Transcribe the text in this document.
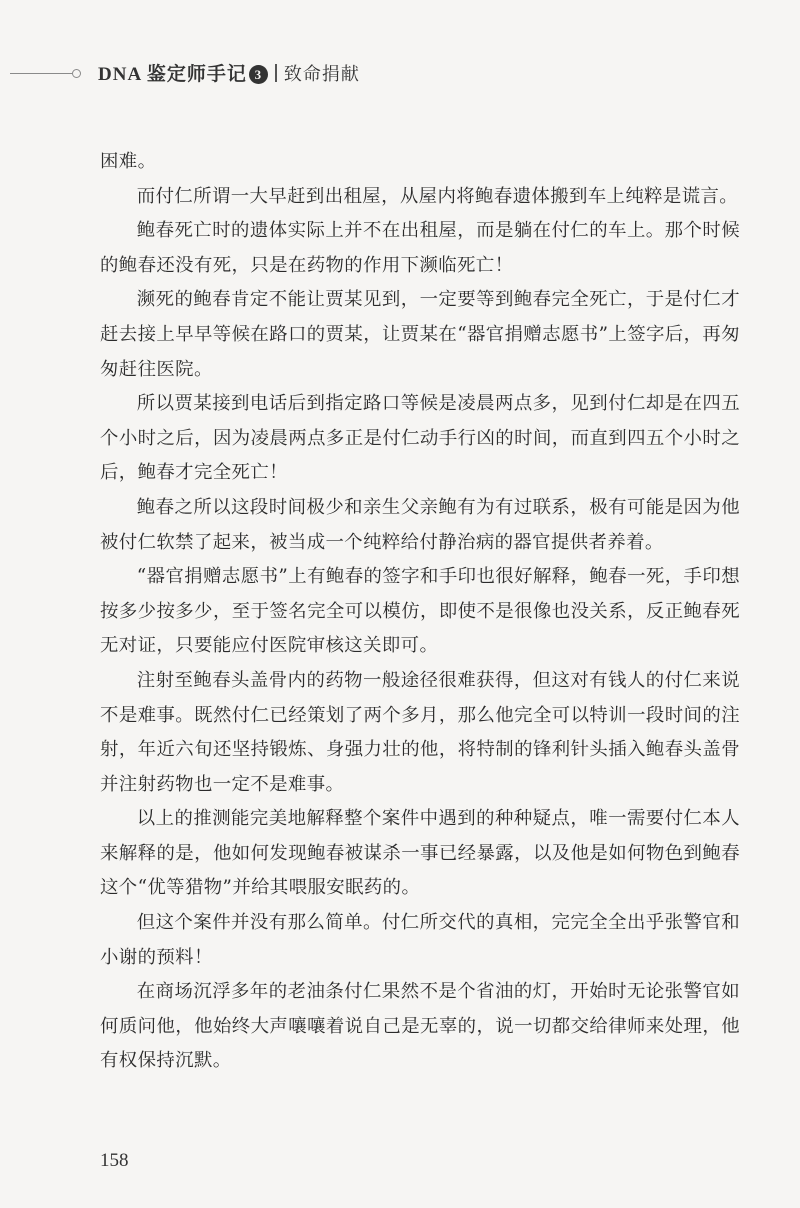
DNA 鉴定师手记 3 致命捐献

困难。

而付仁所谓一大早赶到出租屋，从屋内将鲍春遗体搬到车上纯粹是谎言。

鲍春死亡时的遗体实际上并不在出租屋，而是躺在付仁的车上。那个时候的鲍春还没有死，只是在药物的作用下濒临死亡！

濒死的鲍春肯定不能让贾某见到，一定要等到鲍春完全死亡，于是付仁才赶去接上早早等候在路口的贾某，让贾某在“器官捐赠志愿书”上签字后，再匆匆赶往医院。

所以贾某接到电话后到指定路口等候是凌晨两点多，见到付仁却是在四五个小时之后，因为凌晨两点多正是付仁动手行凶的时间，而直到四五个小时之后，鲍春才完全死亡！

鲍春之所以这段时间极少和亲生父亲鲍有为有过联系，极有可能是因为他被付仁软禁了起来，被当成一个纯粹给付静治病的器官提供者养着。

“器官捐赠志愿书”上有鲍春的签字和手印也很好解释，鲍春一死，手印想按多少按多少，至于签名完全可以模仿，即使不是很像也没关系，反正鲍春死无对证，只要能应付医院审核这关即可。

注射至鲍春头盖骨内的药物一般途径很难获得，但这对有钱人的付仁来说不是难事。既然付仁已经策划了两个多月，那么他完全可以特训一段时间的注射，年近六旬还坚持锻炼、身强力壮的他，将特制的锋利针头插入鲍春头盖骨并注射药物也一定不是难事。

以上的推测能完美地解释整个案件中遇到的种种疑点，唯一需要付仁本人来解释的是，他如何发现鲍春被谋杀一事已经暴露，以及他是如何物色到鲍春这个“优等猎物”并给其喂服安眠药的。

但这个案件并没有那么简单。付仁所交代的真相，完完全全出乎张警官和小谢的预料！

在商场沉浮多年的老油条付仁果然不是个省油的灯，开始时无论张警官如何质问他，他始终大声嚷嚷着说自己是无辜的，说一切都交给律师来处理，他有权保持沉默。

158
